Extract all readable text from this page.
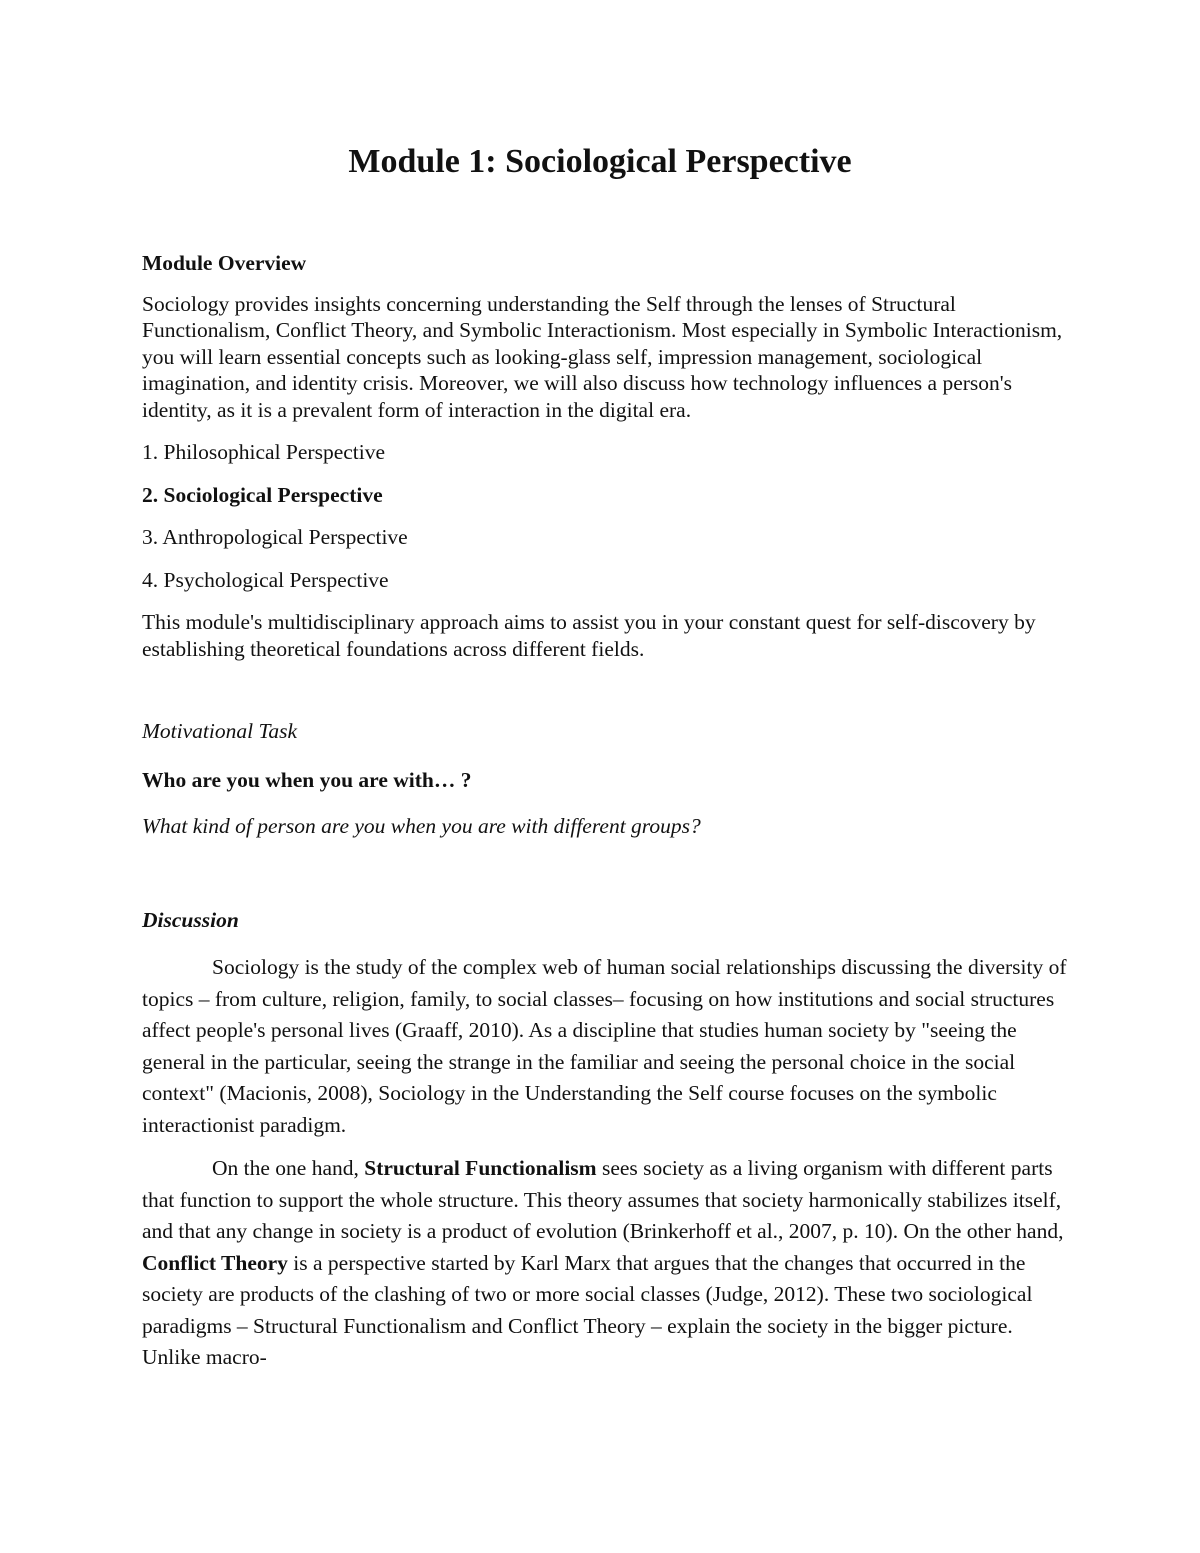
Module 1: Sociological Perspective

Module Overview

Sociology provides insights concerning understanding the Self through the lenses of Structural Functionalism, Conflict Theory, and Symbolic Interactionism. Most especially in Symbolic Interactionism, you will learn essential concepts such as looking-glass self, impression management, sociological imagination, and identity crisis. Moreover, we will also discuss how technology influences a person's identity, as it is a prevalent form of interaction in the digital era.

1. Philosophical Perspective

2. Sociological Perspective

3. Anthropological Perspective

4. Psychological Perspective

This module's multidisciplinary approach aims to assist you in your constant quest for self-discovery by establishing theoretical foundations across different fields.

Motivational Task

Who are you when you are with… ?

What kind of person are you when you are with different groups?

Discussion

Sociology is the study of the complex web of human social relationships discussing the diversity of topics – from culture, religion, family, to social classes– focusing on how institutions and social structures affect people's personal lives (Graaff, 2010). As a discipline that studies human society by "seeing the general in the particular, seeing the strange in the familiar and seeing the personal choice in the social context" (Macionis, 2008), Sociology in the Understanding the Self course focuses on the symbolic interactionist paradigm.

On the one hand, Structural Functionalism sees society as a living organism with different parts that function to support the whole structure. This theory assumes that society harmonically stabilizes itself, and that any change in society is a product of evolution (Brinkerhoff et al., 2007, p. 10). On the other hand, Conflict Theory is a perspective started by Karl Marx that argues that the changes that occurred in the society are products of the clashing of two or more social classes (Judge, 2012). These two sociological paradigms – Structural Functionalism and Conflict Theory – explain the society in the bigger picture. Unlike macro-
